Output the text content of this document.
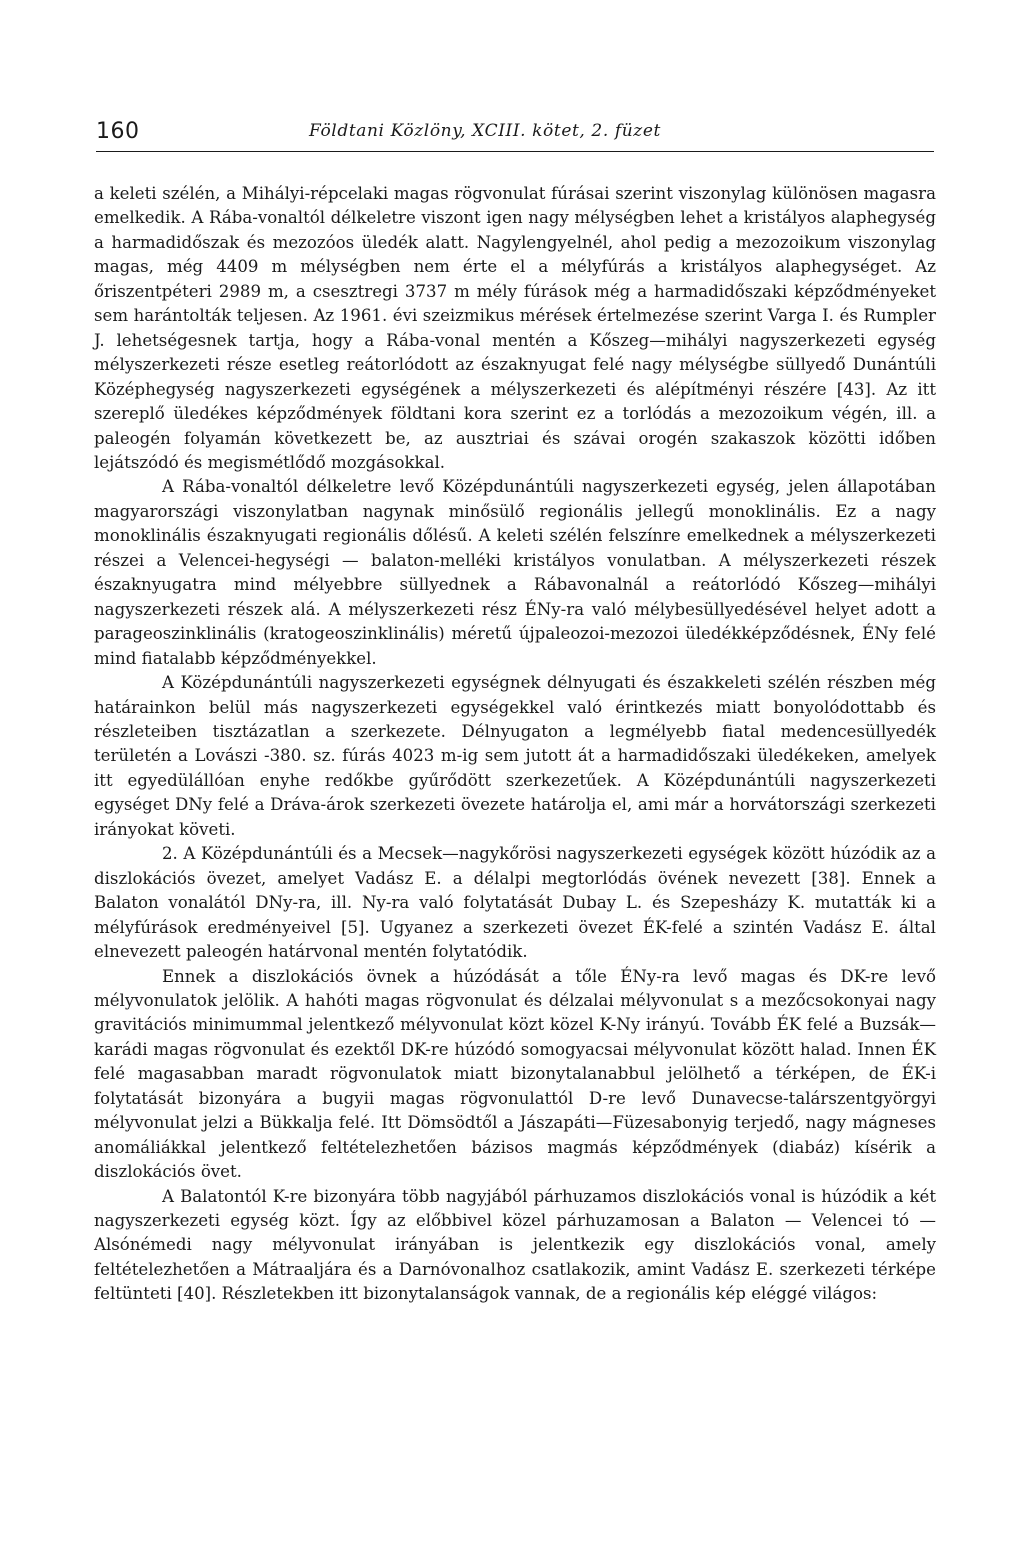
160	Földtani Közlöny, XCIII. kötet, 2. füzet

a keleti szélén, a Mihályi-répcelaki magas rögvonulat fúrásai szerint viszonylag különösen magasra emelkedik. A Rába-vonaltól délkeletre viszont igen nagy mélységben lehet a kristályos alaphegység a harmadidőszak és mezozóos üledék alatt. Nagylengyelnél, ahol pedig a mezozoikum viszonylag magas, még 4409 m mélységben nem érte el a mélyfúrás a kristályos alaphegységet. Az őriszentpéteri 2989 m, a csesztregi 3737 m mély fúrások még a harmadidőszaki képződményeket sem harántolták teljesen. Az 1961. évi szeizmikus mérések értelmezése szerint Varga I. és Rumpler J. lehetségesnek tartja, hogy a Rába-vonal mentén a Kőszeg—mihályi nagyszerkezeti egység mélyszerkezeti része esetleg reátorlódott az északnyugat felé nagy mélységbe süllyedő Dunántúli Középhegység nagyszerkezeti egységének a mélyszerkezeti és alépítményi részére [43]. Az itt szereplő üledékes képződmények földtani kora szerint ez a torlódás a mezozoikum végén, ill. a paleogén folyamán következett be, az ausztriai és szávai orogén szakaszok közötti időben lejátszódó és megismétlődő mozgásokkal.

A Rába-vonaltól délkeletre levő Középdunántúli nagyszerkezeti egység, jelen állapotában magyarországi viszonylatban nagynak minősülő regionális jellegű monoklinális. Ez a nagy monoklinális északnyugati regionális dőlésű. A keleti szélén felszínre emelkednek a mélyszerkezeti részei a Velencei-hegységi — balaton-melléki kristályos vonulatban. A mélyszerkezeti részek északnyugatra mind mélyebbre süllyednek a Rábavonalnál a reátorlódó Kőszeg—mihályi nagyszerkezeti részek alá. A mélyszerkezeti rész ÉNy-ra való mélybesüllyedésével helyet adott a parageoszinklinális (kratogeoszinklinális) méretű újpaleozoi-mezozoi üledékképződésnek, ÉNy felé mind fiatalabb képződményekkel.

A Középdunántúli nagyszerkezeti egységnek délnyugati és északkeleti szélén részben még határainkon belül más nagyszerkezeti egységekkel való érintkezés miatt bonyolódottabb és részleteiben tisztázatlan a szerkezete. Délnyugaton a legmélyebb fiatal medencesüllyedék területén a Lovászi -380. sz. fúrás 4023 m-ig sem jutott át a harmadidőszaki üledékeken, amelyek itt egyedülállóan enyhe redőkbe gyűrődött szerkezetűek. A Középdunántúli nagyszerkezeti egységet DNy felé a Dráva-árok szerkezeti övezete határolja el, ami már a horvátországi szerkezeti irányokat követi.

2. A Középdunántúli és a Mecsek—nagykőrösi nagyszerkezeti egységek között húzódik az a diszlokációs övezet, amelyet Vadász E. a délalpi megtorlódás övének nevezett [38]. Ennek a Balaton vonalától DNy-ra, ill. Ny-ra való folytatását Dubay L. és Szepesházy K. mutatták ki a mélyfúrások eredményeivel [5]. Ugyanez a szerkezeti övezet ÉK-felé a szintén Vadász E. által elnevezett paleogén határvonal mentén folytatódik.

Ennek a diszlokációs övnek a húzódását a tőle ÉNy-ra levő magas és DK-re levő mélyvonulatok jelölik. A hahóti magas rögvonulat és délzalai mélyvonulat s a mezőcsokonyai nagy gravitációs minimummal jelentkező mélyvonulat közt közel K-Ny irányú. Tovább ÉK felé a Buzsák—karádi magas rögvonulat és ezektől DK-re húzódó somogyacsai mélyvonulat között halad. Innen ÉK felé magasabban maradt rögvonulatok miatt bizonytalanabbul jelölhető a térképen, de ÉK-i folytatását bizonyára a bugyii magas rögvonulattól D-re levő Dunavecse-talárszentgyörgyi mélyvonulat jelzi a Bükkalja felé. Itt Dömsödtől a Jászapáti—Füzesabonyig terjedő, nagy mágneses anomáliákkal jelentkező feltételezhetően bázisos magmás képződmények (diabáz) kísérik a diszlokációs övet.

A Balatontól K-re bizonyára több nagyjából párhuzamos diszlokációs vonal is húzódik a két nagyszerkezeti egység közt. Így az előbbivel közel párhuzamosan a Balaton — Velencei tó — Alsónémedi nagy mélyvonulat irányában is jelentkezik egy diszlokációs vonal, amely feltételezhetően a Mátraaljára és a Darnóvonalhoz csatlakozik, amint Vadász E. szerkezeti térképe feltünteti [40]. Részletekben itt bizonytalanságok vannak, de a regionális kép eléggé világos:
